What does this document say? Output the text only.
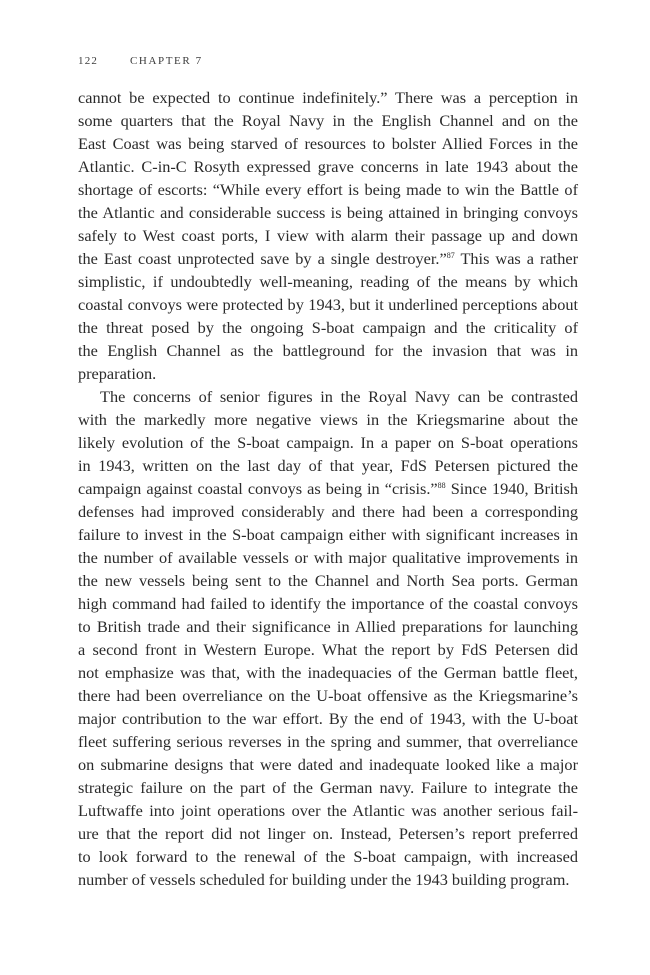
122	CHAPTER 7
cannot be expected to continue indefinitely.” There was a perception in
some quarters that the Royal Navy in the English Channel and on the
East Coast was being starved of resources to bolster Allied Forces in the
Atlantic. C-in-C Rosyth expressed grave concerns in late 1943 about the
shortage of escorts: “While every effort is being made to win the Battle of
the Atlantic and considerable success is being attained in bringing convoys
safely to West coast ports, I view with alarm their passage up and down
the East coast unprotected save by a single destroyer.”$^{87}$ This was a rather
simplistic, if undoubtedly well-meaning, reading of the means by which
coastal convoys were protected by 1943, but it underlined perceptions about
the threat posed by the ongoing S-boat campaign and the criticality of
the English Channel as the battleground for the invasion that was in
preparation.
The concerns of senior figures in the Royal Navy can be contrasted
with the markedly more negative views in the Kriegsmarine about the
likely evolution of the S-boat campaign. In a paper on S-boat operations
in 1943, written on the last day of that year, FdS Petersen pictured the
campaign against coastal convoys as being in “crisis.”$^{88}$ Since 1940, British
defenses had improved considerably and there had been a corresponding
failure to invest in the S-boat campaign either with significant increases in
the number of available vessels or with major qualitative improvements in
the new vessels being sent to the Channel and North Sea ports. German
high command had failed to identify the importance of the coastal convoys
to British trade and their significance in Allied preparations for launching
a second front in Western Europe. What the report by FdS Petersen did
not emphasize was that, with the inadequacies of the German battle fleet,
there had been overreliance on the U-boat offensive as the Kriegsmarine’s
major contribution to the war effort. By the end of 1943, with the U-boat
fleet suffering serious reverses in the spring and summer, that overreliance
on submarine designs that were dated and inadequate looked like a major
strategic failure on the part of the German navy. Failure to integrate the
Luftwaffe into joint operations over the Atlantic was another serious fail-
ure that the report did not linger on. Instead, Petersen’s report preferred
to look forward to the renewal of the S-boat campaign, with increased
number of vessels scheduled for building under the 1943 building program.
